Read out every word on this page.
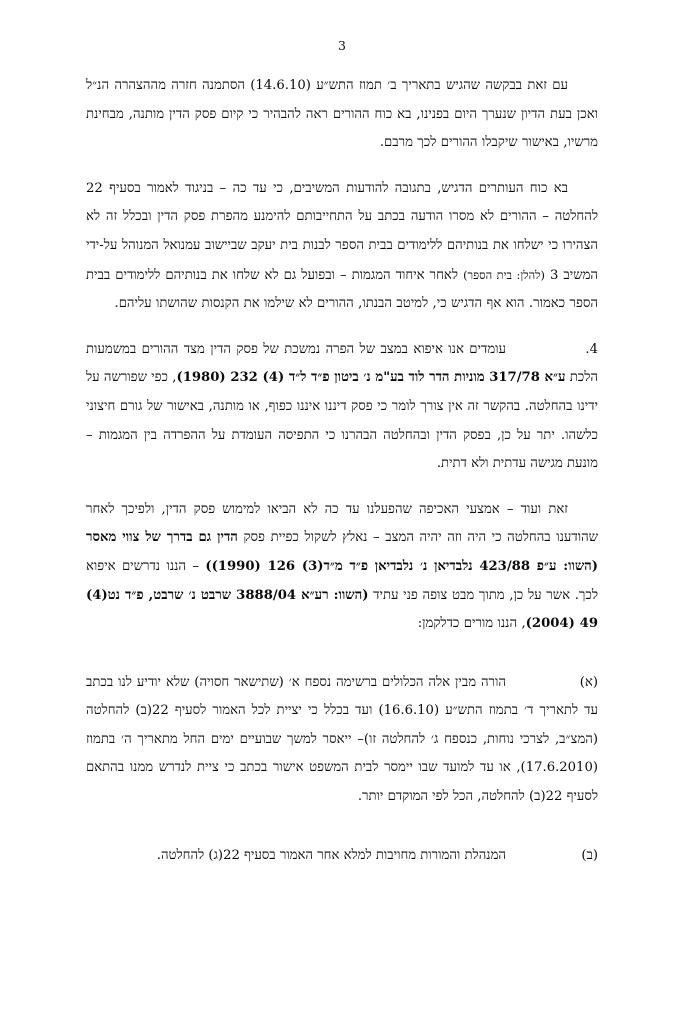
3

עם זאת בבקשה שהגיש בתאריך ב׳ תמוז התש״ע (14.6.10) הסתמנה חזרה מההצהרה הנ״ל ואכן בעת הדיון שנערך היום בפנינו, בא כוח ההורים ראה להבהיר כי קיום פסק הדין מותנה, מבחינת מרשיו, באישור שיקבלו ההורים לכך מרבם.

בא כוח העותרים הדגיש, בתגובה להודעות המשיבים, כי עד כה – בניגוד לאמור בסעיף 22 להחלטה – ההורים לא מסרו הודעה בכתב על התחייבותם להימנע מהפרת פסק הדין ובכלל זה לא הצהירו כי ישלחו את בנותיהם ללימודים בבית הספר לבנות בית יעקב שביישוב עמנואל המנוהל על-ידי המשיב 3 (להלן: בית הספר) לאחר איחוד המגמות – ובפועל גם לא שלחו את בנותיהם ללימודים בבית הספר כאמור. הוא אף הדגיש כי, למיטב הבנתו, ההורים לא שילמו את הקנסות שהושתו עליהם.

.4
עומדים אנו איפוא במצב של הפרה נמשכת של פסק הדין מצד ההורים במשמעות הלכת ע״א 317/78 מוניות הדר לוד בע"מ נ׳ ביטון פ״ד ל״ד (4) 232 (1980), כפי שפורשה על ידינו בהחלטה. בהקשר זה אין צורך לומר כי פסק דיננו איננו כפוף, או מותנה, באישור של גורם חיצוני כלשהו. יתר על כן, בפסק הדין ובהחלטה הבהרנו כי התפיסה העומדת על ההפרדה בין המגמות – מונעת מגישה עדתית ולא דתית.

זאת ועוד – אמצעי האכיפה שהפעלנו עד כה לא הביאו למימוש פסק הדין, ולפיכך לאחר שהודענו בהחלטה כי היה וזה יהיה המצב – נאלץ לשקול כפיית פסק הדין גם בדרך של צווי מאסר (השוו: ע״פ 423/88 נלבדיאן נ׳ נלבדיאן פ״ד מ״ד(3) 126 (1990)) – הננו נדרשים איפוא לכך. אשר על כן, מתוך מבט צופה פני עתיד (השוו: רע״א 3888/04 שרבט נ׳ שרבט, פ״ד נט(4) 49 (2004), הננו מורים כדלקמן:

(א)
הורה מבין אלה הכלולים ברשימה נספח א׳ (שתישאר חסויה) שלא יודיע לנו בכתב עד לתאריך ד׳ בתמוז התש״ע (16.6.10) ועד בכלל כי יציית לכל האמור לסעיף 22(ב) להחלטה (המצ״ב, לצרכי נוחות, כנספח ג׳ להחלטה זו)– ייאסר למשך שבועיים ימים החל מתאריך ה׳ בתמוז (17.6.2010), או עד למועד שבו יימסר לבית המשפט אישור בכתב כי ציית לנדרש ממנו בהתאם לסעיף 22(ב) להחלטה, הכל לפי המוקדם יותר.
(ב)
המנהלת והמורות מחויבות למלא אחר האמור בסעיף 22(ג) להחלטה.
